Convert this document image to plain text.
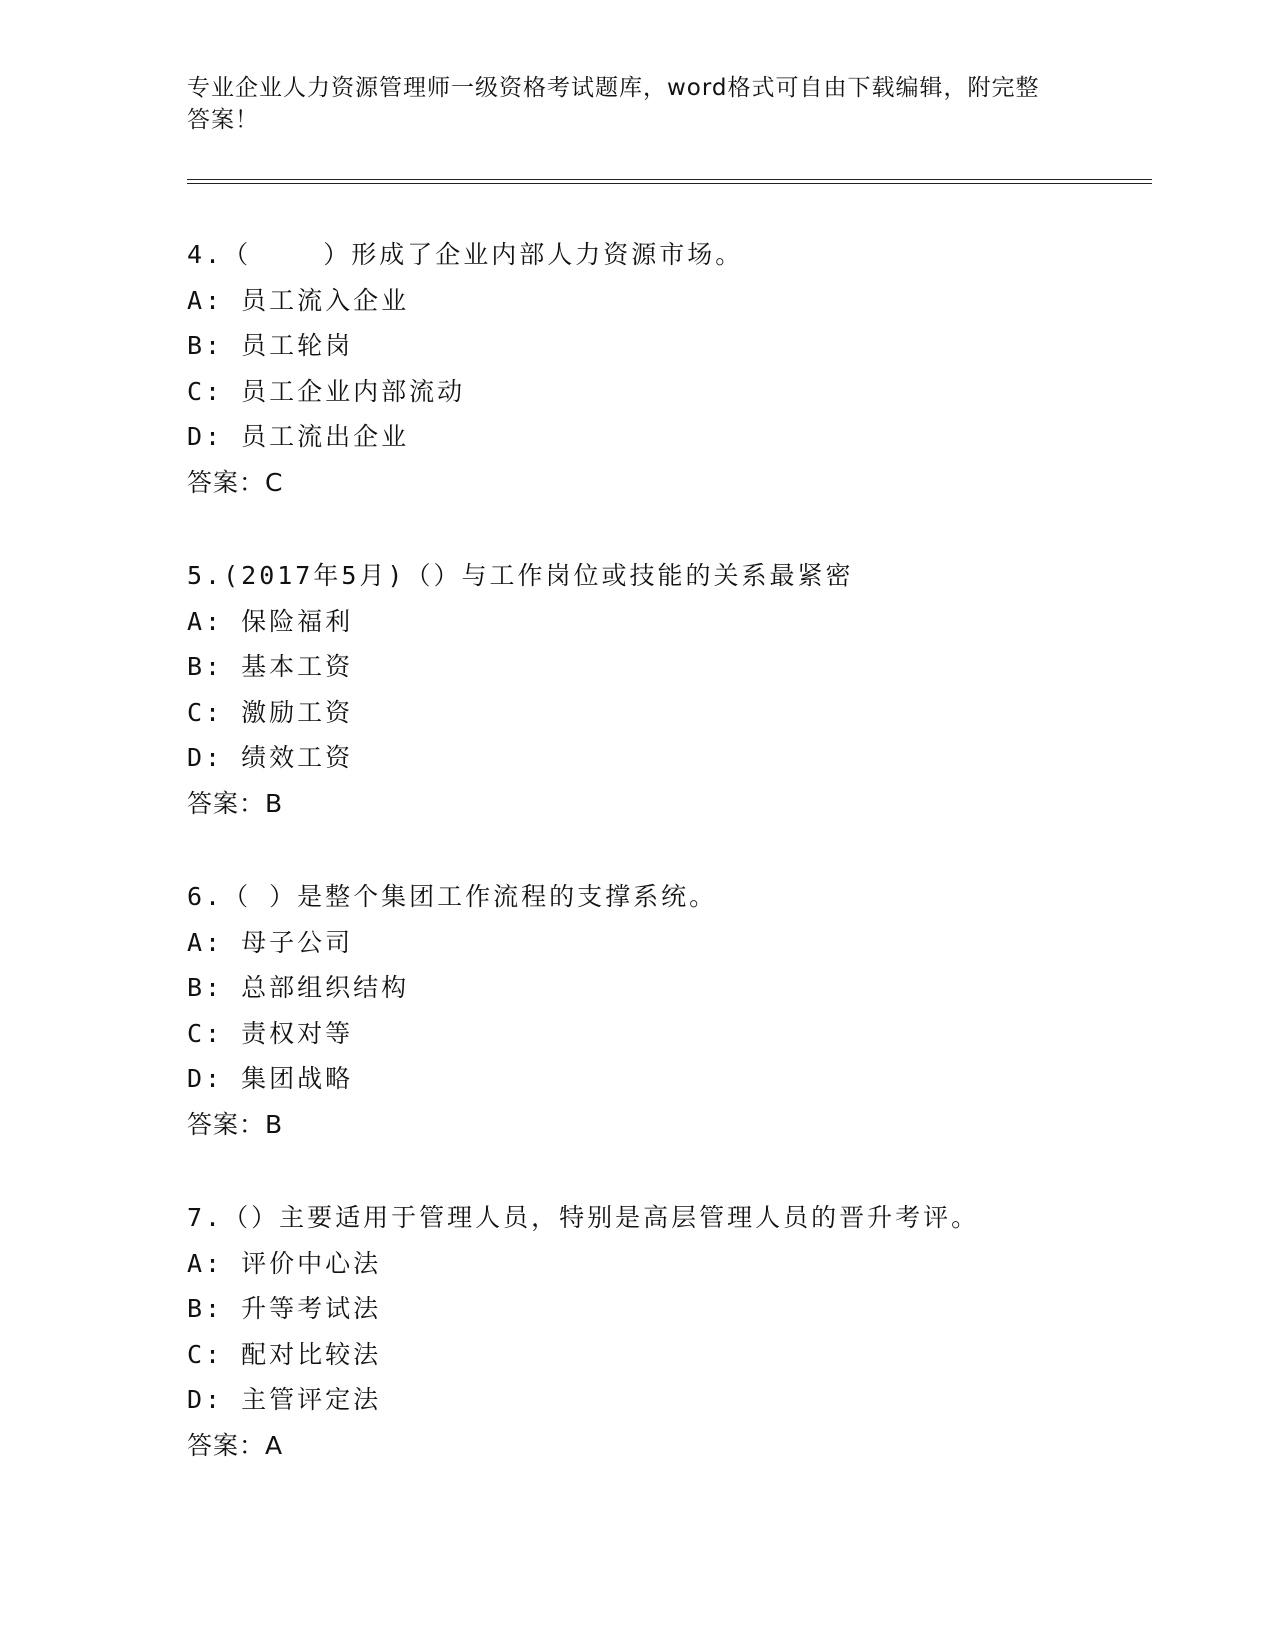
专业企业人力资源管理师一级资格考试题库，word格式可自由下载编辑，附完整
答案！
4.（    ）形成了企业内部人力资源市场。
A: 员工流入企业
B: 员工轮岗
C: 员工企业内部流动
D: 员工流出企业
答案：C
5.(2017年5月)（）与工作岗位或技能的关系最紧密
A: 保险福利
B: 基本工资
C: 激励工资
D: 绩效工资
答案：B
6.（ ）是整个集团工作流程的支撑系统。
A: 母子公司
B: 总部组织结构
C: 责权对等
D: 集团战略
答案：B
7.（）主要适用于管理人员，特别是高层管理人员的晋升考评。
A: 评价中心法
B: 升等考试法
C: 配对比较法
D: 主管评定法
答案：A
